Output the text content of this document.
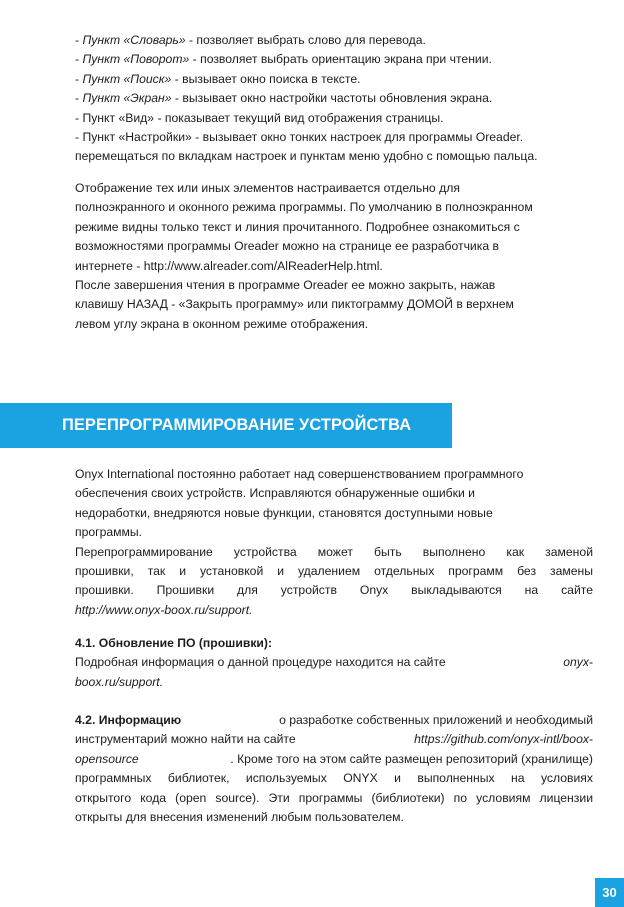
- Пункт «Словарь» - позволяет выбрать слово для перевода.
- Пункт «Поворот» - позволяет выбрать ориентацию экрана при чтении.
- Пункт «Поиск» - вызывает окно поиска в тексте.
- Пункт «Экран» - вызывает окно настройки частоты обновления экрана.
- Пункт «Вид» - показывает текущий вид отображения страницы.
- Пункт «Настройки» - вызывает окно тонких настроек для программы Oreader.
перемещаться по вкладкам настроек и пунктам меню удобно с помощью пальца.
Отображение тех или иных элементов настраивается отдельно для
полноэкранного и оконного режима программы. По умолчанию в полноэкранном
режиме видны только текст и линия прочитанного. Подробнее ознакомиться с
возможностями программы Oreader можно на странице ее разработчика в
интернете - http://www.alreader.com/AlReaderHelp.html.
После завершения чтения в программе Oreader ее можно закрыть, нажав
клавишу НАЗАД - «Закрыть программу» или пиктограмму ДОМОЙ в верхнем
левом углу экрана в оконном режиме отображения.
ПЕРЕПРОГРАММИРОВАНИЕ УСТРОЙСТВА
Onyx International постоянно работает над совершенствованием программного
обеспечения своих устройств. Исправляются обнаруженные ошибки и
недоработки, внедряются новые функции, становятся доступными новые
программы.
Перепрограммирование устройства может быть выполнено как заменой
прошивки, так и установкой и удалением отдельных программ без замены
прошивки. Прошивки для устройств Onyx выкладываются на сайте
http://www.onyx-boox.ru/support.
4.1. Обновление ПО (прошивки):
Подробная информация о данной процедуре находится на сайте	onyx-
boox.ru/support.
4.2. Информацию	о разработке собственных приложений и необходимый
инструментарий можно найти на сайте	https://github.com/onyx-intl/boox-
opensource	. Кроме того на этом сайте размещен репозиторий (хранилище)
программных библиотек, используемых ONYX и выполненных на условиях
открытого кода (open source). Эти программы (библиотеки) по условиям лицензии
открыты для внесения изменений любым пользователем.
30
